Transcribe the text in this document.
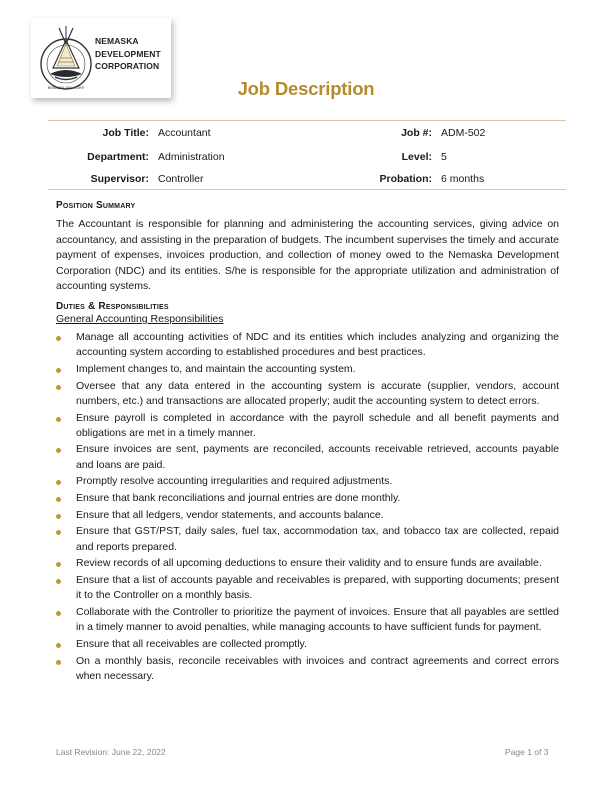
NEMASKA DEV. CORP.
NEMASKA
DEVELOPMENT
CORPORATION
Job Description
Job Title: Accountant	Job #: ADM-502
Department: Administration	Level: 5
Supervisor: Controller	Probation: 6 months
Position Summary
The Accountant is responsible for planning and administering the accounting services, giving advice on accountancy, and assisting in the preparation of budgets. The incumbent supervises the timely and accurate payment of expenses, invoices production, and collection of money owed to the Nemaska Development Corporation (NDC) and its entities. S/he is responsible for the appropriate utilization and administration of accounting systems.
Duties & Responsibilities
General Accounting Responsibilities
Manage all accounting activities of NDC and its entities which includes analyzing and organizing the accounting system according to established procedures and best practices.
Implement changes to, and maintain the accounting system.
Oversee that any data entered in the accounting system is accurate (supplier, vendors, account numbers, etc.) and transactions are allocated properly; audit the accounting system to detect errors.
Ensure payroll is completed in accordance with the payroll schedule and all benefit payments and obligations are met in a timely manner.
Ensure invoices are sent, payments are reconciled, accounts receivable retrieved, accounts payable and loans are paid.
Promptly resolve accounting irregularities and required adjustments.
Ensure that bank reconciliations and journal entries are done monthly.
Ensure that all ledgers, vendor statements, and accounts balance.
Ensure that GST/PST, daily sales, fuel tax, accommodation tax, and tobacco tax are collected, repaid and reports prepared.
Review records of all upcoming deductions to ensure their validity and to ensure funds are available.
Ensure that a list of accounts payable and receivables is prepared, with supporting documents; present it to the Controller on a monthly basis.
Collaborate with the Controller to prioritize the payment of invoices. Ensure that all payables are settled in a timely manner to avoid penalties, while managing accounts to have sufficient funds for payment.
Ensure that all receivables are collected promptly.
On a monthly basis, reconcile receivables with invoices and contract agreements and correct errors when necessary.
Last Revision: June 22, 2022	Page 1 of 3
